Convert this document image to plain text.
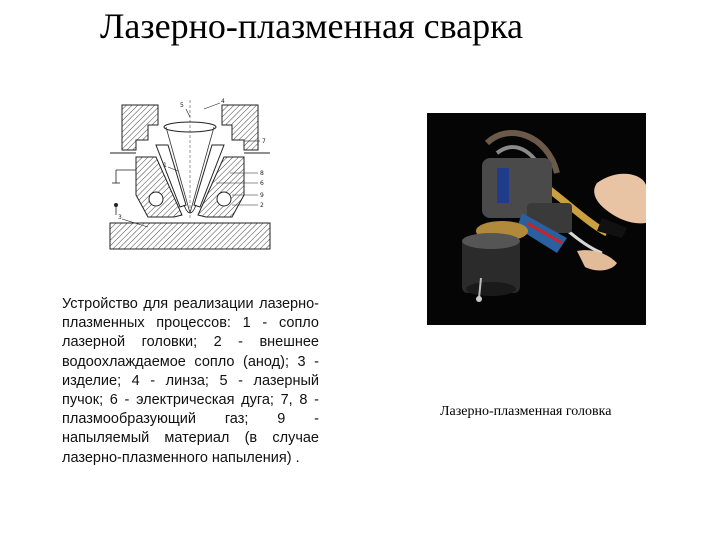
Лазерно-плазменная сварка
5
4
7
1
8
6
9
2
3
Устройство для реализации лазерно-плазменных процессов: 1 - сопло лазерной головки; 2 - внешнее водоохлаждаемое сопло (анод); 3 - изделие; 4 - линза; 5 - лазерный пучок; 6 - электрическая дуга; 7, 8 - плазмообразующий газ; 9 - напыляемый материал (в случае лазерно-плазменного напыления) .
Лазерно-плазменная головка
